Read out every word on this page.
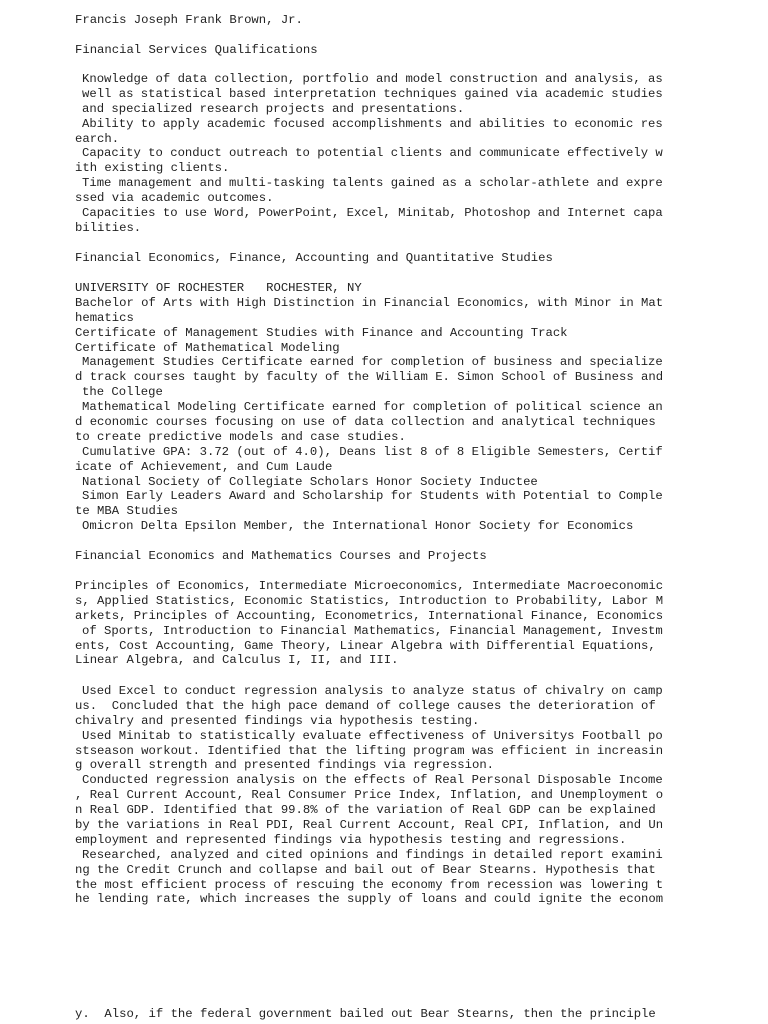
Francis Joseph Frank Brown, Jr.
Financial Services Qualifications
Knowledge of data collection, portfolio and model construction and analysis, as
well as statistical based interpretation techniques gained via academic studies
and specialized research projects and presentations.
Ability to apply academic focused accomplishments and abilities to economic res
earch.
Capacity to conduct outreach to potential clients and communicate effectively w
ith existing clients.
Time management and multi-tasking talents gained as a scholar-athlete and expre
ssed via academic outcomes.
Capacities to use Word, PowerPoint, Excel, Minitab, Photoshop and Internet capa
bilities.
Financial Economics, Finance, Accounting and Quantitative Studies
UNIVERSITY OF ROCHESTER   ROCHESTER, NY
Bachelor of Arts with High Distinction in Financial Economics, with Minor in Mat
hematics
Certificate of Management Studies with Finance and Accounting Track
Certificate of Mathematical Modeling
Management Studies Certificate earned for completion of business and specialize
d track courses taught by faculty of the William E. Simon School of Business and
the College
Mathematical Modeling Certificate earned for completion of political science an
d economic courses focusing on use of data collection and analytical techniques
to create predictive models and case studies.
Cumulative GPA: 3.72 (out of 4.0), Deans list 8 of 8 Eligible Semesters, Certif
icate of Achievement, and Cum Laude
National Society of Collegiate Scholars Honor Society Inductee
Simon Early Leaders Award and Scholarship for Students with Potential to Comple
te MBA Studies
Omicron Delta Epsilon Member, the International Honor Society for Economics
Financial Economics and Mathematics Courses and Projects
Principles of Economics, Intermediate Microeconomics, Intermediate Macroeconomic
s, Applied Statistics, Economic Statistics, Introduction to Probability, Labor M
arkets, Principles of Accounting, Econometrics, International Finance, Economics
of Sports, Introduction to Financial Mathematics, Financial Management, Investm
ents, Cost Accounting, Game Theory, Linear Algebra with Differential Equations,
Linear Algebra, and Calculus I, II, and III.
Used Excel to conduct regression analysis to analyze status of chivalry on camp
us.  Concluded that the high pace demand of college causes the deterioration of
chivalry and presented findings via hypothesis testing.
Used Minitab to statistically evaluate effectiveness of Universitys Football po
stseason workout. Identified that the lifting program was efficient in increasin
g overall strength and presented findings via regression.
Conducted regression analysis on the effects of Real Personal Disposable Income
, Real Current Account, Real Consumer Price Index, Inflation, and Unemployment o
n Real GDP. Identified that 99.8% of the variation of Real GDP can be explained
by the variations in Real PDI, Real Current Account, Real CPI, Inflation, and Un
employment and represented findings via hypothesis testing and regressions.
Researched, analyzed and cited opinions and findings in detailed report examini
ng the Credit Crunch and collapse and bail out of Bear Stearns. Hypothesis that
the most efficient process of rescuing the economy from recession was lowering t
he lending rate, which increases the supply of loans and could ignite the econom
y.  Also, if the federal government bailed out Bear Stearns, then the principle
